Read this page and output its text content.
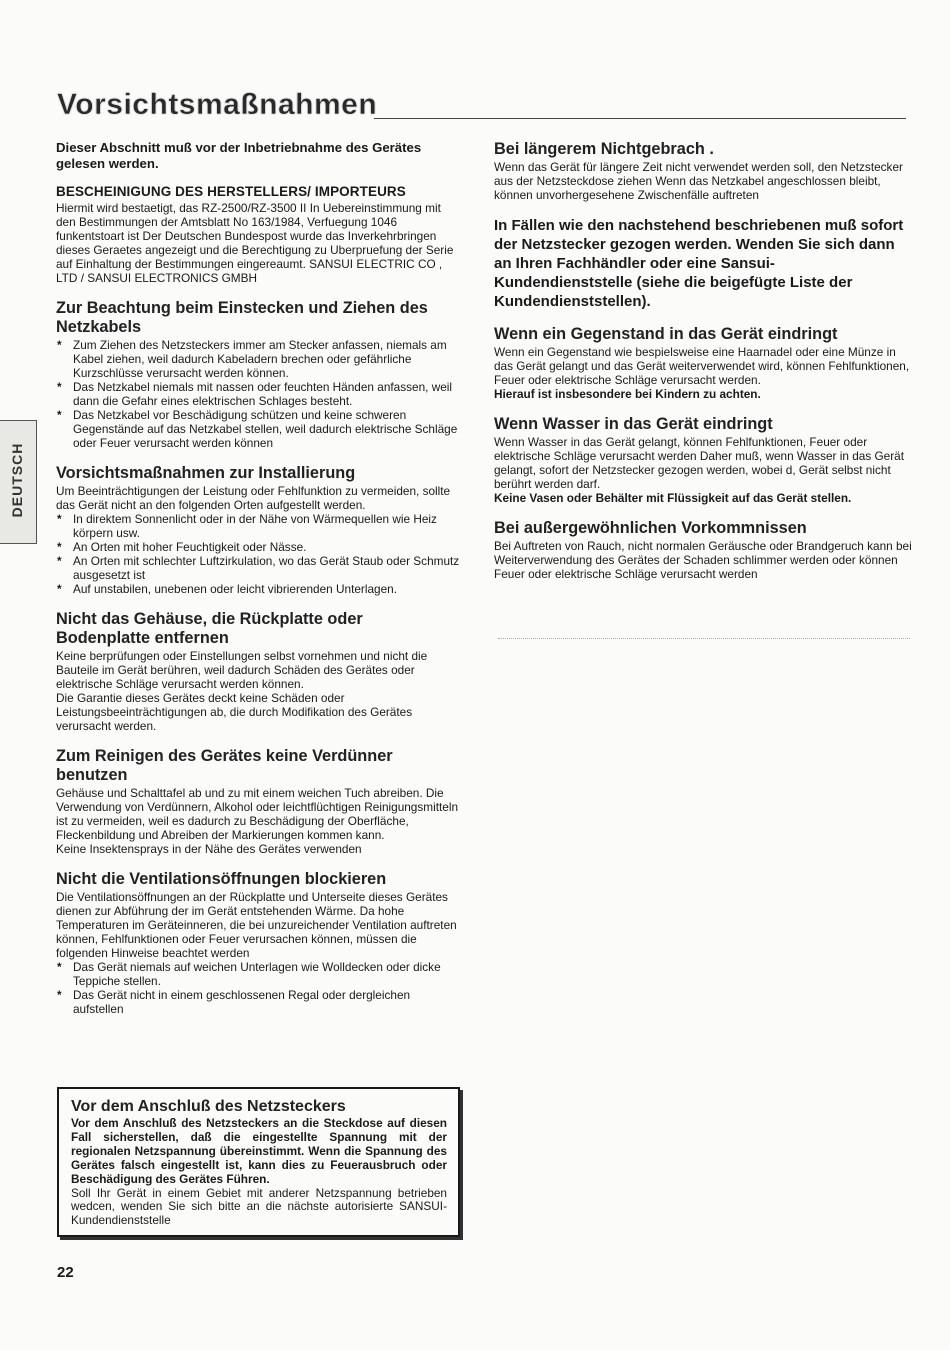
Vorsichtsmaßnahmen
DEUTSCH

Dieser Abschnitt muß vor der Inbetriebnahme des Gerätes gelesen werden.

BESCHEINIGUNG DES HERSTELLERS/ IMPORTEURS

Hiermit wird bestaetigt, das RZ-2500/RZ-3500 II In Uebereinstimmung mit den Bestimmungen der Amtsblatt No 163/1984, Verfuegung 1046 funkentstoart ist Der Deutschen Bundespost wurde das Inverkehrbringen dieses Geraetes angezeigt und die Berechtigung zu Uberpruefung der Serie auf Einhaltung der Bestimmungen eingereaumt. SANSUI ELECTRIC CO , LTD / SANSUI ELECTRONICS GMBH

Zur Beachtung beim Einstecken und Ziehen des Netzkabels
* Zum Ziehen des Netzsteckers immer am Stecker anfassen, niemals am Kabel ziehen, weil dadurch Kabeladern brechen oder gefährliche Kurzschlüsse verursacht werden können.
* Das Netzkabel niemals mit nassen oder feuchten Händen anfassen, weil dann die Gefahr eines elektrischen Schlages besteht.
* Das Netzkabel vor Beschädigung schützen und keine schweren Gegenstände auf das Netzkabel stellen, weil dadurch elektrische Schläge oder Feuer verursacht werden können
Vorsichtsmaßnahmen zur Installierung

Um Beeinträchtigungen der Leistung oder Fehlfunktion zu vermeiden, sollte das Gerät nicht an den folgenden Orten aufgestellt werden.

* In direktem Sonnenlicht oder in der Nähe von Wärmequellen wie Heiz körpern usw.
* An Orten mit hoher Feuchtigkeit oder Nässe.
* An Orten mit schlechter Luftzirkulation, wo das Gerät Staub oder Schmutz ausgesetzt ist
* Auf unstabilen, unebenen oder leicht vibrierenden Unterlagen.
Nicht das Gehäuse, die Rückplatte oder Bodenplatte entfernen

Keine berprüfungen oder Einstellungen selbst vornehmen und nicht die Bauteile im Gerät berühren, weil dadurch Schäden des Gerätes oder elektrische Schläge verursacht werden können.

Die Garantie dieses Gerätes deckt keine Schäden oder Leistungsbeeinträchtigungen ab, die durch Modifikation des Gerätes verursacht werden.

Zum Reinigen des Gerätes keine Verdünner benutzen

Gehäuse und Schalttafel ab und zu mit einem weichen Tuch abreiben. Die Verwendung von Verdünnern, Alkohol oder leichtflüchtigen Reinigungsmitteln ist zu vermeiden, weil es dadurch zu Beschädigung der Oberfläche, Fleckenbildung und Abreiben der Markierungen kommen kann.

Keine Insektensprays in der Nähe des Gerätes verwenden

Nicht die Ventilationsöffnungen blockieren

Die Ventilationsöffnungen an der Rückplatte und Unterseite dieses Gerätes dienen zur Abführung der im Gerät entstehenden Wärme. Da hohe Temperaturen im Geräteinneren, die bei unzureichender Ventilation auftreten können, Fehlfunktionen oder Feuer verursachen können, müssen die folgenden Hinweise beachtet werden

* Das Gerät niemals auf weichen Unterlagen wie Wolldecken oder dicke Teppiche stellen.
* Das Gerät nicht in einem geschlossenen Regal oder dergleichen aufstellen
Bei längerem Nichtgebrach .

Wenn das Gerät für längere Zeit nicht verwendet werden soll, den Netzstecker aus der Netzsteckdose ziehen Wenn das Netzkabel angeschlossen bleibt, können unvorhergesehene Zwischenfälle auftreten

In Fällen wie den nachstehend beschriebenen muß sofort der Netzstecker gezogen werden. Wenden Sie sich dann an Ihren Fachhändler oder eine Sansui-Kundendienststelle (siehe die beigefügte Liste der Kundendienststellen).

Wenn ein Gegenstand in das Gerät eindringt

Wenn ein Gegenstand wie bespielsweise eine Haarnadel oder eine Münze in das Gerät gelangt und das Gerät weiterverwendet wird, können Fehlfunktionen, Feuer oder elektrische Schläge verursacht werden.

Hierauf ist insbesondere bei Kindern zu achten.

Wenn Wasser in das Gerät eindringt

Wenn Wasser in das Gerät gelangt, können Fehlfunktionen, Feuer oder elektrische Schläge verursacht werden Daher muß, wenn Wasser in das Gerät gelangt, sofort der Netzstecker gezogen werden, wobei d, Gerät selbst nicht berührt werden darf.

Keine Vasen oder Behälter mit Flüssigkeit auf das Gerät stellen.

Bei außergewöhnlichen Vorkommnissen

Bei Auftreten von Rauch, nicht normalen Geräusche oder Brandgeruch kann bei Weiterverwendung des Gerätes der Schaden schlimmer werden oder können Feuer oder elektrische Schläge verursacht werden

Vor dem Anschluß des Netzsteckers

Vor dem Anschluß des Netzsteckers an die Steckdose auf diesen Fall sicherstellen, daß die eingestellte Spannung mit der regionalen Netzspannung übereinstimmt. Wenn die Spannung des Gerätes falsch eingestellt ist, kann dies zu Feuerausbruch oder Beschädigung des Gerätes Führen.

Soll Ihr Gerät in einem Gebiet mit anderer Netzspannung betrieben wedcen, wenden Sie sich bitte an die nächste autorisierte SANSUI-Kundendienststelle

22
